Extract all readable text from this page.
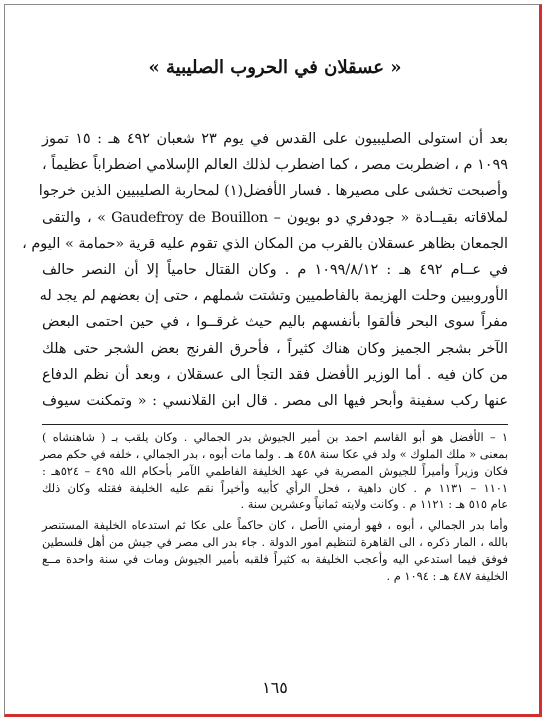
« عسقلان في الحروب الصليبية »
بعد أن استولى الصليبيون على القدس في يوم ٢٣ شعبان ٤٩٢ هـ : ١٥ تموز
١٠٩٩ م ، اضطربت مصر ، كما اضطرب لذلك العالم الإسلامي اضطراباً عظيماً ،
وأصبحت تخشى على مصيرها . فسار الأفضل(١) لمحاربة الصليبيين الذين خرجوا
لملاقاته بقيــادة « جودفري دو بويون – Gaudefroy de Bouillon » ، والتقى
الجمعان بظاهر عسقلان بالقرب من المكان الذي تقوم عليه قرية «حمامة » اليوم ،
في عــام ٤٩٢ هـ : ١٠٩٩/٨/١٢ م . وكان القتال حامياً إلا أن النصر حالف
الأوروبيين وحلت الهزيمة بالفاطميين وتشتت شملهم ، حتى إن بعضهم لم يجد له
مفراً سوى البحر فألقوا بأنفسهم باليم حيث غرقــوا ، في حين احتمى البعض
الآخر بشجر الجميز وكان هناك كثيراً ، فأحرق الفرنج بعض الشجر حتى هلك
من كان فيه . أما الوزير الأفضل فقد التجأ الى عسقلان ، وبعد أن نظم الدفاع
عنها ركب سفينة وأبحر فيها الى مصر . قال ابن القلانسي : « وتمكنت سيوف
١ – الأفضل هو أبو القاسم احمد بن أمير الجيوش بدر الجمالي . وكان يلقب بـ ( شاهنشاه )
بمعنى « ملك الملوك » ولد في عكا سنة ٤٥٨ هـ . ولما مات أبوه ، بدر الجمالي ، خلفه في حكم مصر
فكان وزيراً وأميراً للجيوش المصرية في عهد الخليفة الفاطمي الآمر بأحكام الله ٤٩٥ – ٥٢٤هـ :
١١٠١ – ١١٣١ م . كان داهية ، فحل الرأي كأبيه وأخيراً نقم عليه الخليفة فقتله وكان ذلك
عام ٥١٥ هـ : ١١٢١ م . وكانت ولايته ثمانياً وعشرين سنة .
وأما بدر الجمالي ، أبوه ، فهو أرمني الأصل ، كان حاكماً على عكا ثم استدعاه الخليفة المستنصر
بالله ، المار ذكره ، الى القاهرة لتنظيم امور الدولة . جاء بدر الى مصر في جيش من أهل فلسطين
فوفق فيما استدعي اليه وأعجب الخليفة به كثيراً فلقبه بأمير الجيوش ومات في سنة واحدة مــع
الخليفة ٤٨٧ هـ : ١٠٩٤ م .
١٦٥
